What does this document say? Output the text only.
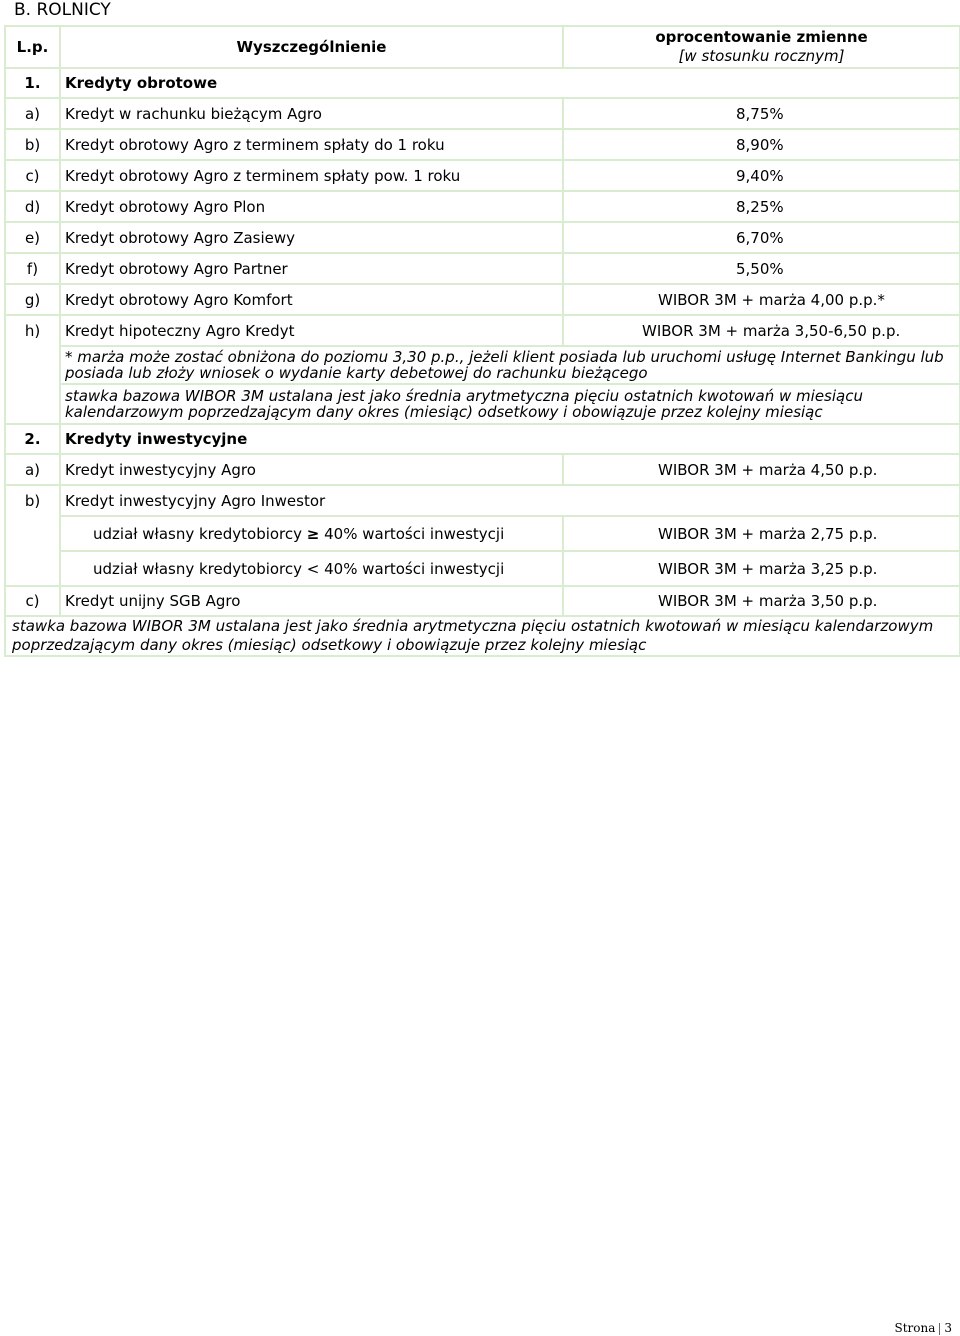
B. ROLNICY
L.p.	Wyszczególnienie	oprocentowanie zmienne
[w stosunku rocznym]

1.	Kredyty obrotowe	
a)	Kredyt w rachunku bieżącym Agro	8,75%
b)	Kredyt obrotowy Agro z terminem spłaty do 1 roku	8,90%
c)	Kredyt obrotowy Agro z terminem spłaty pow. 1 roku	9,40%
d)	Kredyt obrotowy Agro Plon	8,25%
e)	Kredyt obrotowy Agro Zasiewy	6,70%
f)	Kredyt obrotowy Agro Partner	5,50%
g)	Kredyt obrotowy Agro Komfort	WIBOR 3M + marża 4,00 p.p.*
h)	Kredyt hipoteczny Agro Kredyt	WIBOR 3M + marża 3,50-6,50 p.p.
	* marża może zostać obniżona do poziomu 3,30 p.p., jeżeli klient posiada lub uruchomi usługę Internet Bankingu lub posiada lub złoży wniosek o wydanie karty debetowej do rachunku bieżącego	
	stawka bazowa WIBOR 3M ustalana jest jako średnia arytmetyczna pięciu ostatnich kwotowań w miesiącu kalendarzowym poprzedzającym dany okres (miesiąc) odsetkowy i obowiązuje przez kolejny miesiąc	
2.	Kredyty inwestycyjne	
a)	Kredyt inwestycyjny Agro	WIBOR 3M + marża 4,50 p.p.
b)	Kredyt inwestycyjny Agro Inwestor	
	udział własny kredytobiorcy ≥ 40% wartości inwestycji	WIBOR 3M + marża 2,75 p.p.
	udział własny kredytobiorcy < 40% wartości inwestycji	WIBOR 3M + marża 3,25 p.p.
c)	Kredyt unijny SGB Agro	WIBOR 3M + marża 3,50 p.p.
stawka bazowa WIBOR 3M ustalana jest jako średnia arytmetyczna pięciu ostatnich kwotowań w miesiącu kalendarzowym poprzedzającym dany okres (miesiąc) odsetkowy i obowiązuje przez kolejny miesiąc		
Strona 3
